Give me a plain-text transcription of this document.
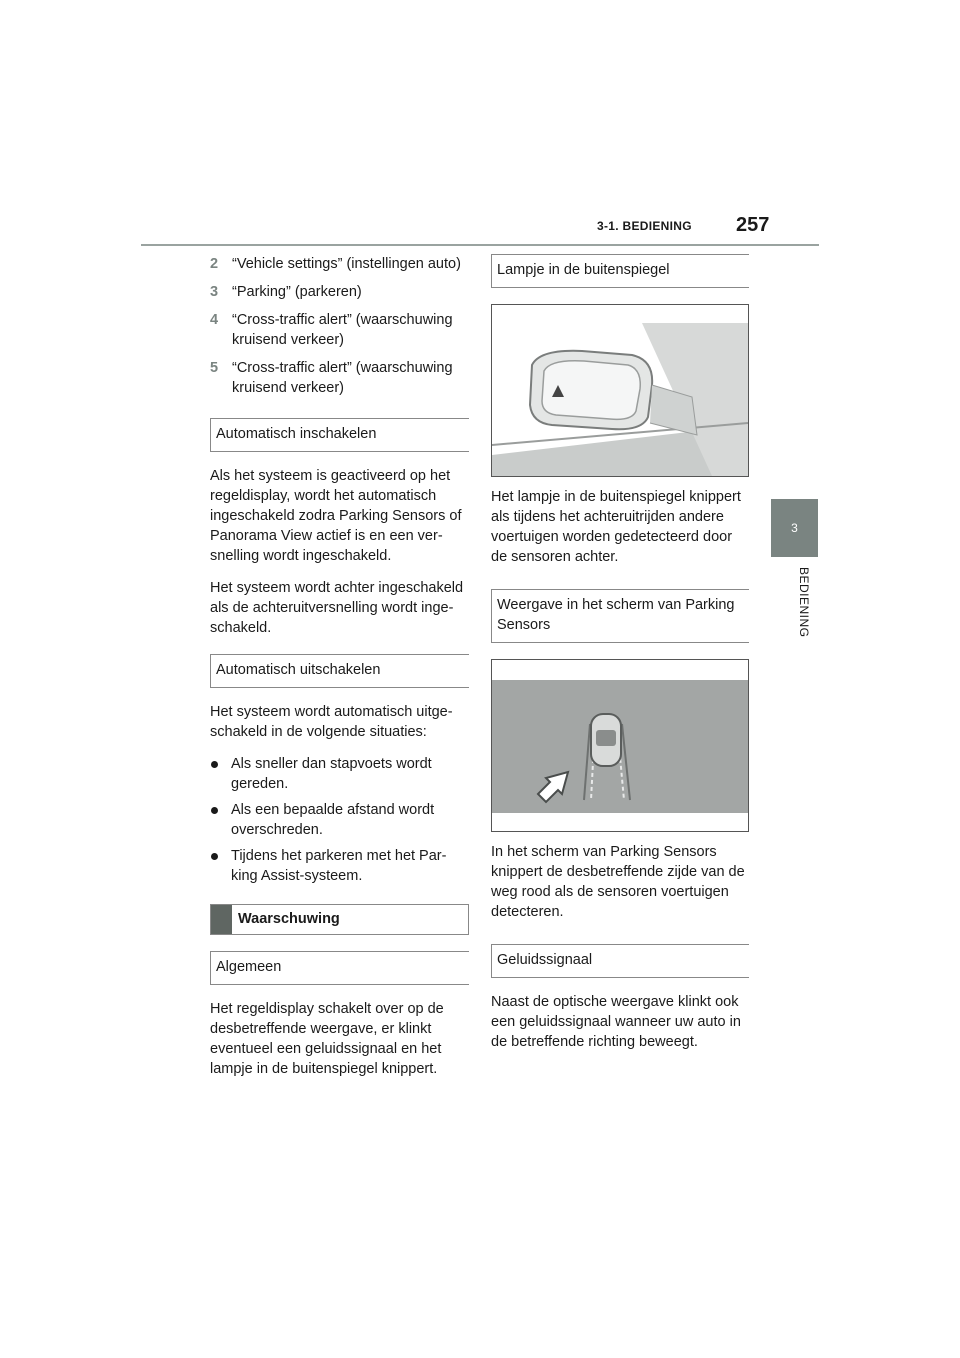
3-1. BEDIENING 257
3
BEDIENING
2 “Vehicle settings” (instellingen auto)
3 “Parking” (parkeren)
4 “Cross-traffic alert” (waarschuwing kruisend verkeer)
5 “Cross-traffic alert” (waarschuwing kruisend verkeer)
Automatisch inschakelen

Als het systeem is geactiveerd op het regeldisplay, wordt het automatisch ingeschakeld zodra Parking Sensors of Panorama View actief is en een ver-snelling wordt ingeschakeld.

Het systeem wordt achter ingeschakeld als de achteruitversnelling wordt inge-schakeld.

Automatisch uitschakelen

Het systeem wordt automatisch uitge-schakeld in de volgende situaties:

Als sneller dan stapvoets wordt gereden.
Als een bepaalde afstand wordt overschreden.
Tijdens het parkeren met het Par-king Assist-systeem.
Waarschuwing
Algemeen

Het regeldisplay schakelt over op de desbetreffende weergave, er klinkt eventueel een geluidssignaal en het lampje in de buitenspiegel knippert.

Lampje in de buitenspiegel

Het lampje in de buitenspiegel knippert als tijdens het achteruitrijden andere voertuigen worden gedetecteerd door de sensoren achter.

Weergave in het scherm van Parking Sensors

In het scherm van Parking Sensors knippert de desbetreffende zijde van de weg rood als de sensoren voertuigen detecteren.

Geluidssignaal

Naast de optische weergave klinkt ook een geluidssignaal wanneer uw auto in de betreffende richting beweegt.
